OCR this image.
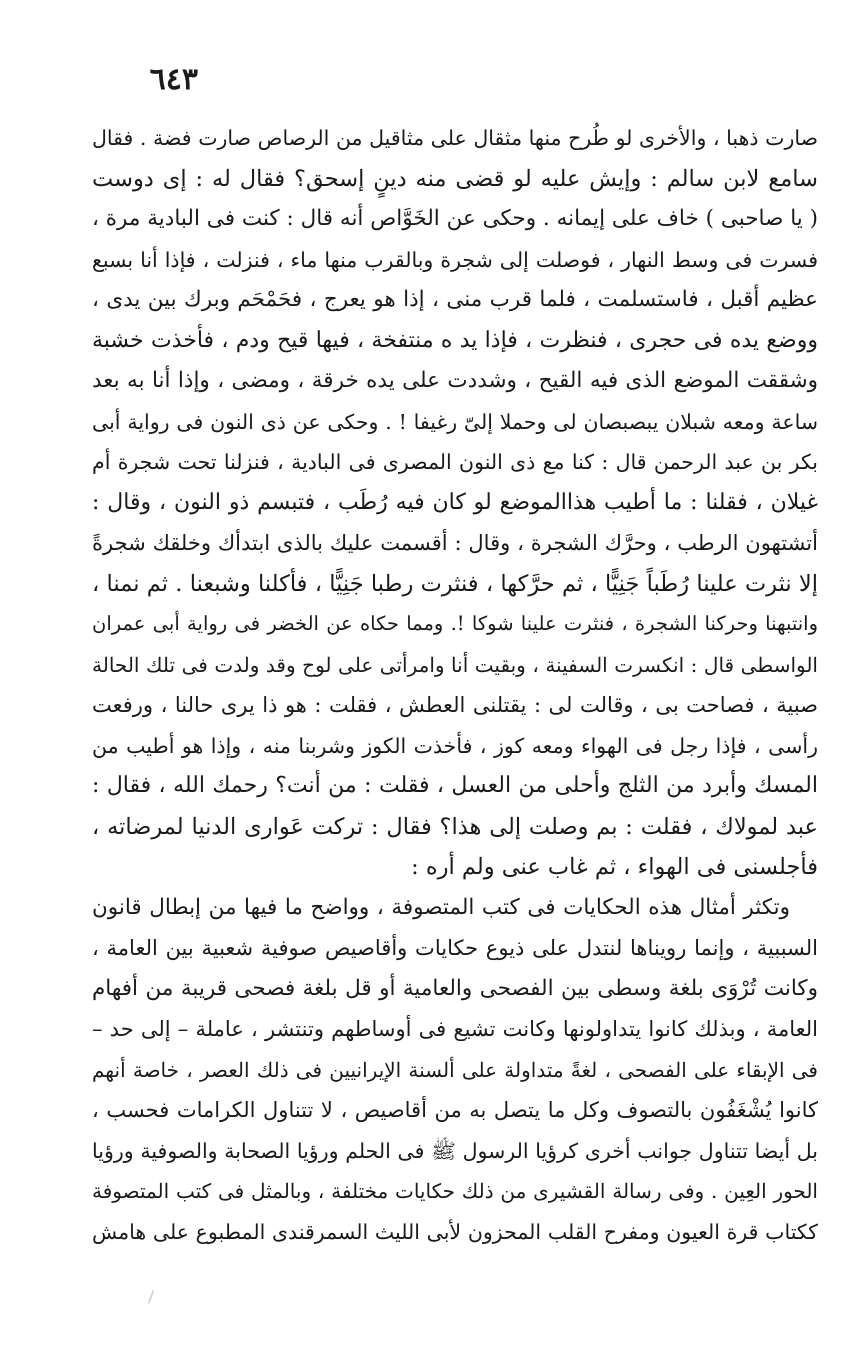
٦٤٣
صارت ذهبا ، والأخرى لو طُرح منها مثقال على مثاقيل من الرصاص صارت فضة . فقال
سامع لابن سالم : وإيش عليه لو قضى منه دينٍ إسحق؟ فقال له : إى دوست
( يا صاحبى ) خاف على إيمانه . وحكى عن الخَوَّاص أنه قال : كنت فى البادية مرة ،
فسرت فى وسط النهار ، فوصلت إلى شجرة وبالقرب منها ماء ، فنزلت ، فإذا أنا بسبع
عظيم أقبل ، فاستسلمت ، فلما قرب منى ، إذا هو يعرج ، فحَمْحَم وبرك بين يدى ،
ووضع يده فى حجرى ، فنظرت ، فإذا يد ه منتفخة ، فيها قيح ودم ، فأخذت خشبة
وشققت الموضع الذى فيه القيح ، وشددت على يده خرقة ، ومضى ، وإذا أنا به بعد
ساعة ومعه شبلان يبصبصان لى وحملا إلىّ رغيفا ! . وحكى عن ذى النون فى رواية أبى
بكر بن عبد الرحمن قال : كنا مع ذى النون المصرى فى البادية ، فنزلنا تحت شجرة أم
غيلان ، فقلنا : ما أطيب هذاالموضع لو كان فيه رُطَب ، فتبسم ذو النون ، وقال :
أتشتهون الرطب ، وحرَّك الشجرة ، وقال : أقسمت عليك بالذى ابتدأك وخلقك شجرةً
إلا نثرت علينا رُطَباً جَنِيًّا ، ثم حرَّكها ، فنثرت رطبا جَنِيًّا ، فأكلنا وشبعنا . ثم نمنا ،
وانتبهنا وحركنا الشجرة ، فنثرت علينا شوكا !. ومما حكاه عن الخضر فى رواية أبى عمران
الواسطى قال : انكسرت السفينة ، وبقيت أنا وامرأتى على لوح وقد ولدت فى تلك الحالة
صبية ، فصاحت بى ، وقالت لى : يقتلنى العطش ، فقلت : هو ذا يرى حالنا ، ورفعت
رأسى ، فإذا رجل فى الهواء ومعه كوز ، فأخذت الكوز وشربنا منه ، وإذا هو أطيب من
المسك وأبرد من الثلج وأحلى من العسل ، فقلت : من أنت؟ رحمك الله ، فقال :
عبد لمولاك ، فقلت : بم وصلت إلى هذا؟ فقال : تركت عَوارى الدنيا لمرضاته ،
فأجلسنى فى الهواء ، ثم غاب عنى ولم أره :
وتكثر أمثال هذه الحكايات فى كتب المتصوفة ، وواضح ما فيها من إبطال قانون
السببية ، وإنما رويناها لنتدل على ذيوع حكايات وأقاصيص صوفية شعبية بين العامة ،
وكانت تُرْوَى بلغة وسطى بين الفصحى والعامية أو قل بلغة فصحى قريبة من أفهام
العامة ، وبذلك كانوا يتداولونها وكانت تشيع فى أوساطهم وتنتشر ، عاملة – إلى حد –
فى الإبقاء على الفصحى ، لغةً متداولة على ألسنة الإيرانيين فى ذلك العصر ، خاصة أنهم
كانوا يُشْغَفُون بالتصوف وكل ما يتصل به من أقاصيص ، لا تتناول الكرامات فحسب ،
بل أيضا تتناول جوانب أخرى كرؤيا الرسول ﷺ فى الحلم ورؤيا الصحابة والصوفية ورؤيا
الحور العِين . وفى رسالة القشيرى من ذلك حكايات مختلفة ، وبالمثل فى كتب المتصوفة
ككتاب قرة العيون ومفرح القلب المحزون لأبى الليث السمرقندى المطبوع على هامش
